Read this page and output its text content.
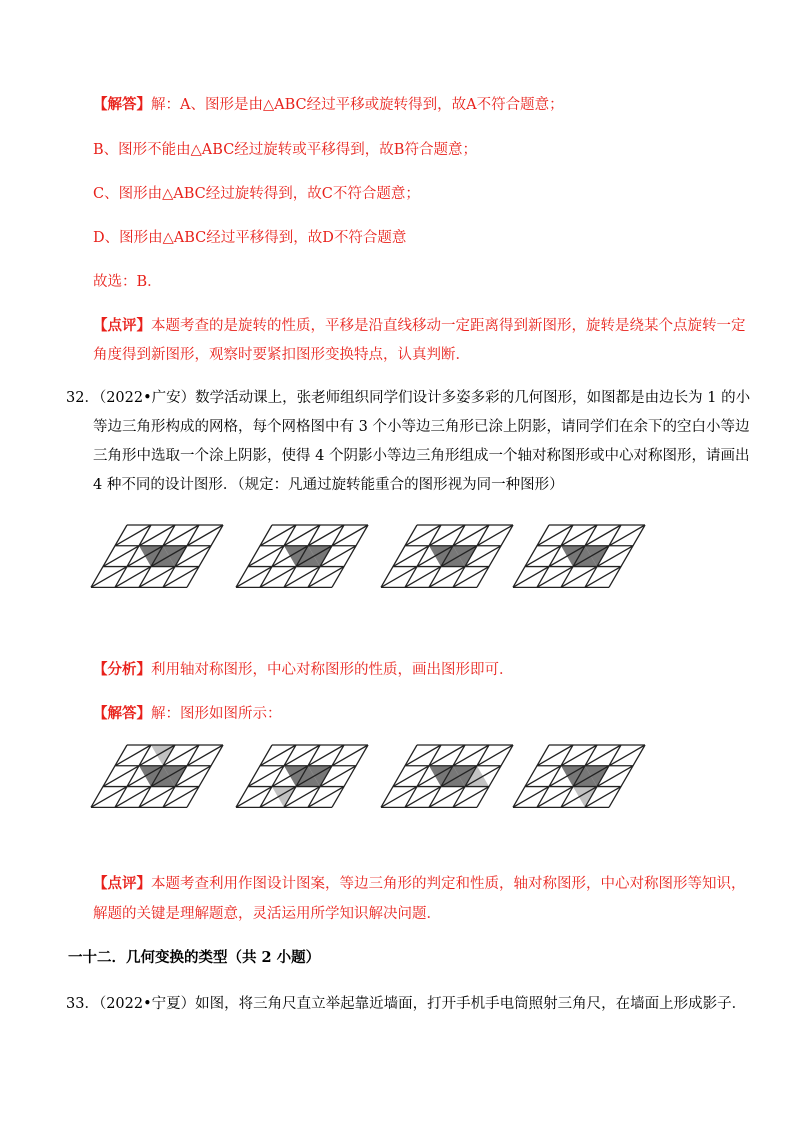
【解答】解：A、图形是由△ABC经过平移或旋转得到，故A不符合题意；
B、图形不能由△ABC经过旋转或平移得到，故B符合题意；
C、图形由△ABC经过旋转得到，故C不符合题意；
D、图形由△ABC经过平移得到，故D不符合题意
故选：B．
【点评】本题考查的是旋转的性质，平移是沿直线移动一定距离得到新图形，旋转是绕某个点旋转一定
角度得到新图形，观察时要紧扣图形变换特点，认真判断．
32．（2022•广安）数学活动课上，张老师组织同学们设计多姿多彩的几何图形，如图都是由边长为 1 的小
等边三角形构成的网格，每个网格图中有 3 个小等边三角形已涂上阴影，请同学们在余下的空白小等边
三角形中选取一个涂上阴影，使得 4 个阴影小等边三角形组成一个轴对称图形或中心对称图形，请画出
4 种不同的设计图形．（规定：凡通过旋转能重合的图形视为同一种图形）
【分析】利用轴对称图形，中心对称图形的性质，画出图形即可．
【解答】解：图形如图所示：
【点评】本题考查利用作图设计图案，等边三角形的判定和性质，轴对称图形，中心对称图形等知识，
解题的关键是理解题意，灵活运用所学知识解决问题．
一十二．几何变换的类型（共 2 小题）
33．（2022•宁夏）如图，将三角尺直立举起靠近墙面，打开手机手电筒照射三角尺，在墙面上形成影子．
